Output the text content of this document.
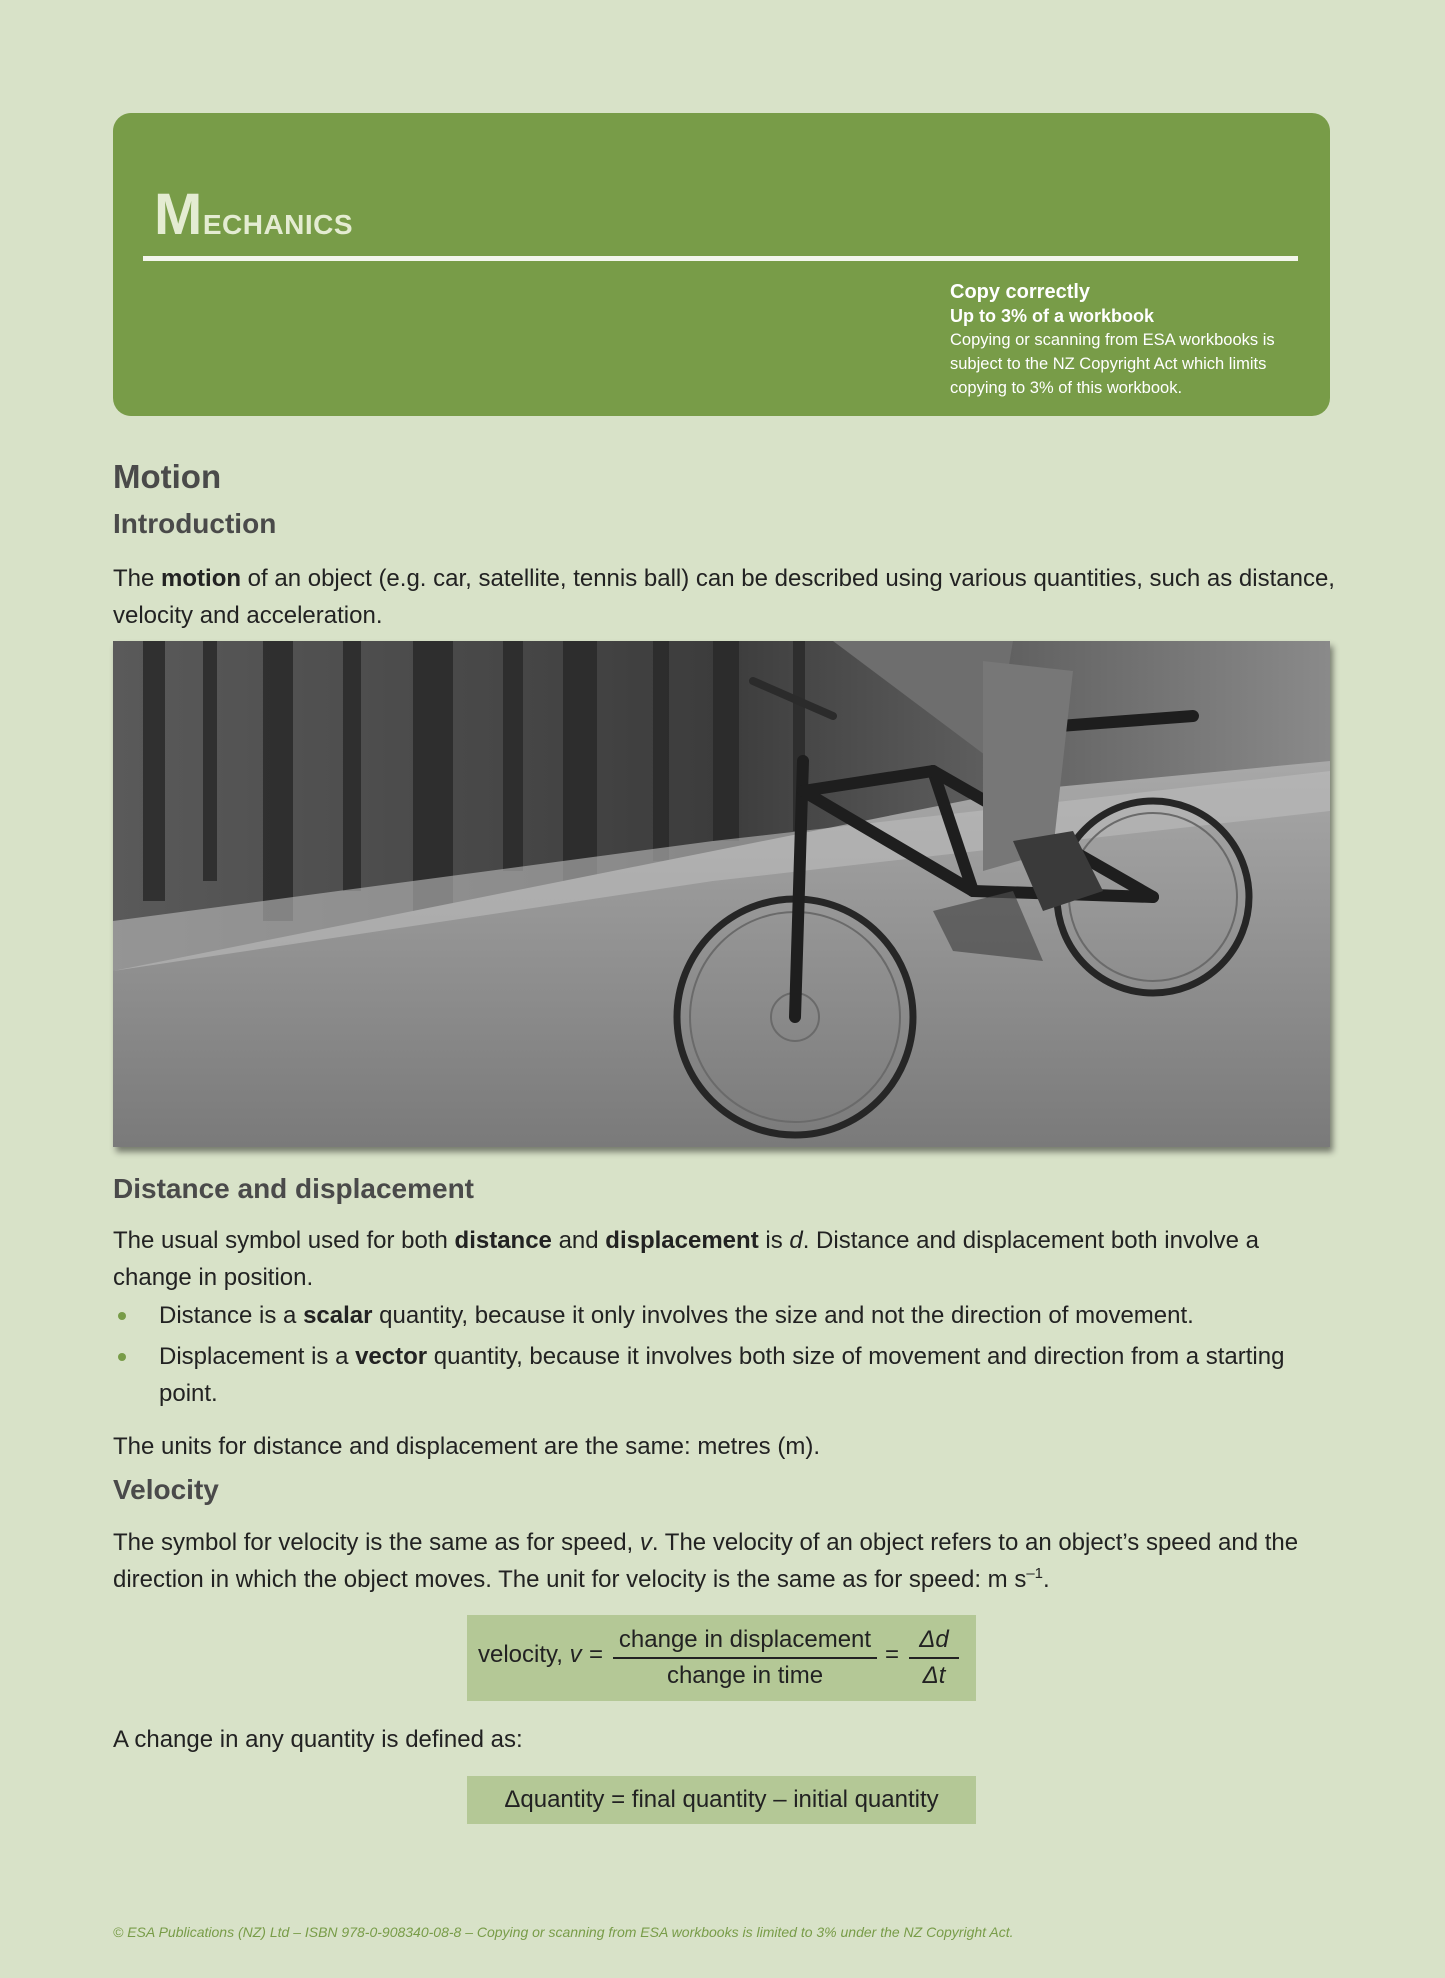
Mechanics
Copy correctly
Up to 3% of a workbook
Copying or scanning from ESA workbooks is subject to the NZ Copyright Act which limits copying to 3% of this workbook.
Motion
Introduction

The motion of an object (e.g. car, satellite, tennis ball) can be described using various quantities, such as distance, velocity and acceleration.

Distance and displacement

The usual symbol used for both distance and displacement is d. Distance and displacement both involve a change in position.

Distance is a scalar quantity, because it only involves the size and not the direction of movement.
Displacement is a vector quantity, because it involves both size of movement and direction from a starting point.

The units for distance and displacement are the same: metres (m).

Velocity

The symbol for velocity is the same as for speed, v. The velocity of an object refers to an object’s speed and the direction in which the object moves. The unit for velocity is the same as for speed: m $s^{-1}$.

velocity, v =
change in displacement
change in time
=
Δd
Δt

A change in any quantity is defined as:

Δquantity = final quantity – initial quantity
© ESA Publications (NZ) Ltd – ISBN 978-0-908340-08-8 – Copying or scanning from ESA workbooks is limited to 3% under the NZ Copyright Act.
